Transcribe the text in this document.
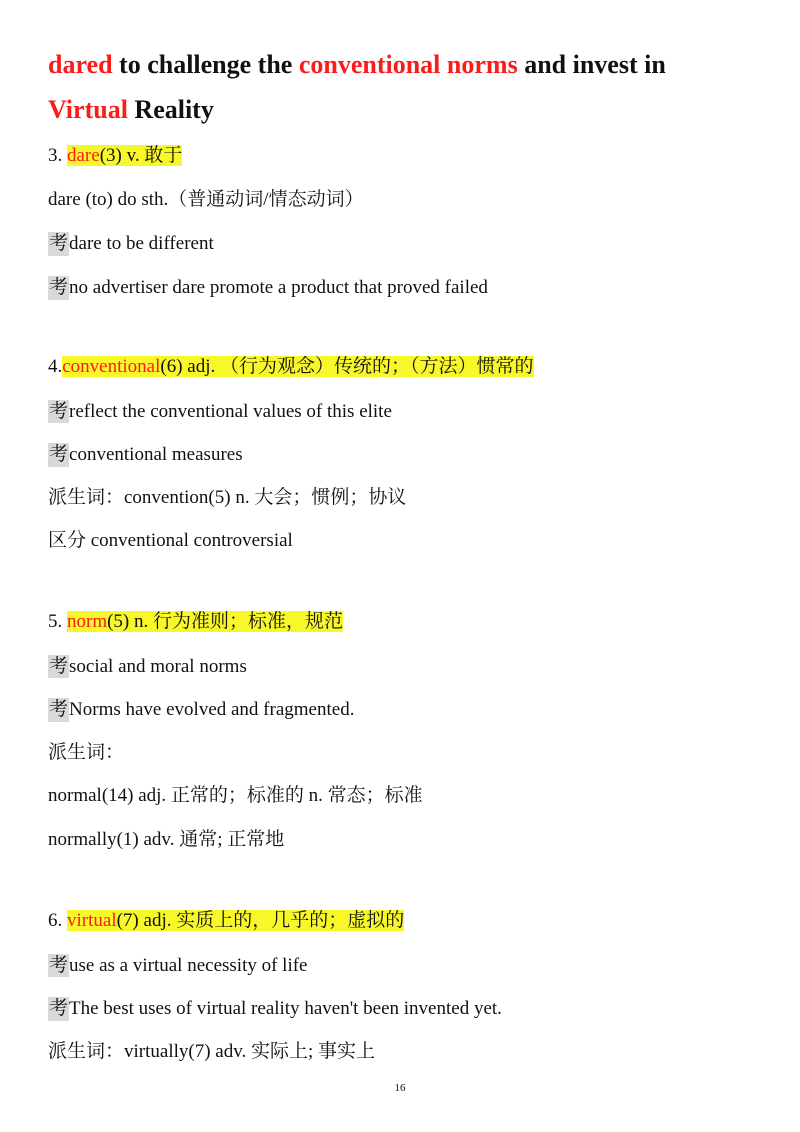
dared to challenge the conventional norms and invest in
Virtual Reality
3. dare(3) v. 敢于
dare (to) do sth.（普通动词/情态动词）
考dare to be different
考no advertiser dare promote a product that proved failed
4.conventional(6) adj. （行为观念）传统的；（方法）惯常的
考reflect the conventional values of this elite
考conventional measures
派生词：convention(5) n. 大会；惯例；协议
区分 conventional controversial
5. norm(5) n. 行为准则；标准，规范
考social and moral norms
考Norms have evolved and fragmented.
派生词：
normal(14) adj. 正常的；标准的 n. 常态；标准
normally(1) adv. 通常; 正常地
6. virtual(7) adj. 实质上的，几乎的；虚拟的
考use as a virtual necessity of life
考The best uses of virtual reality haven't been invented yet.
派生词：virtually(7) adv. 实际上; 事实上
16
